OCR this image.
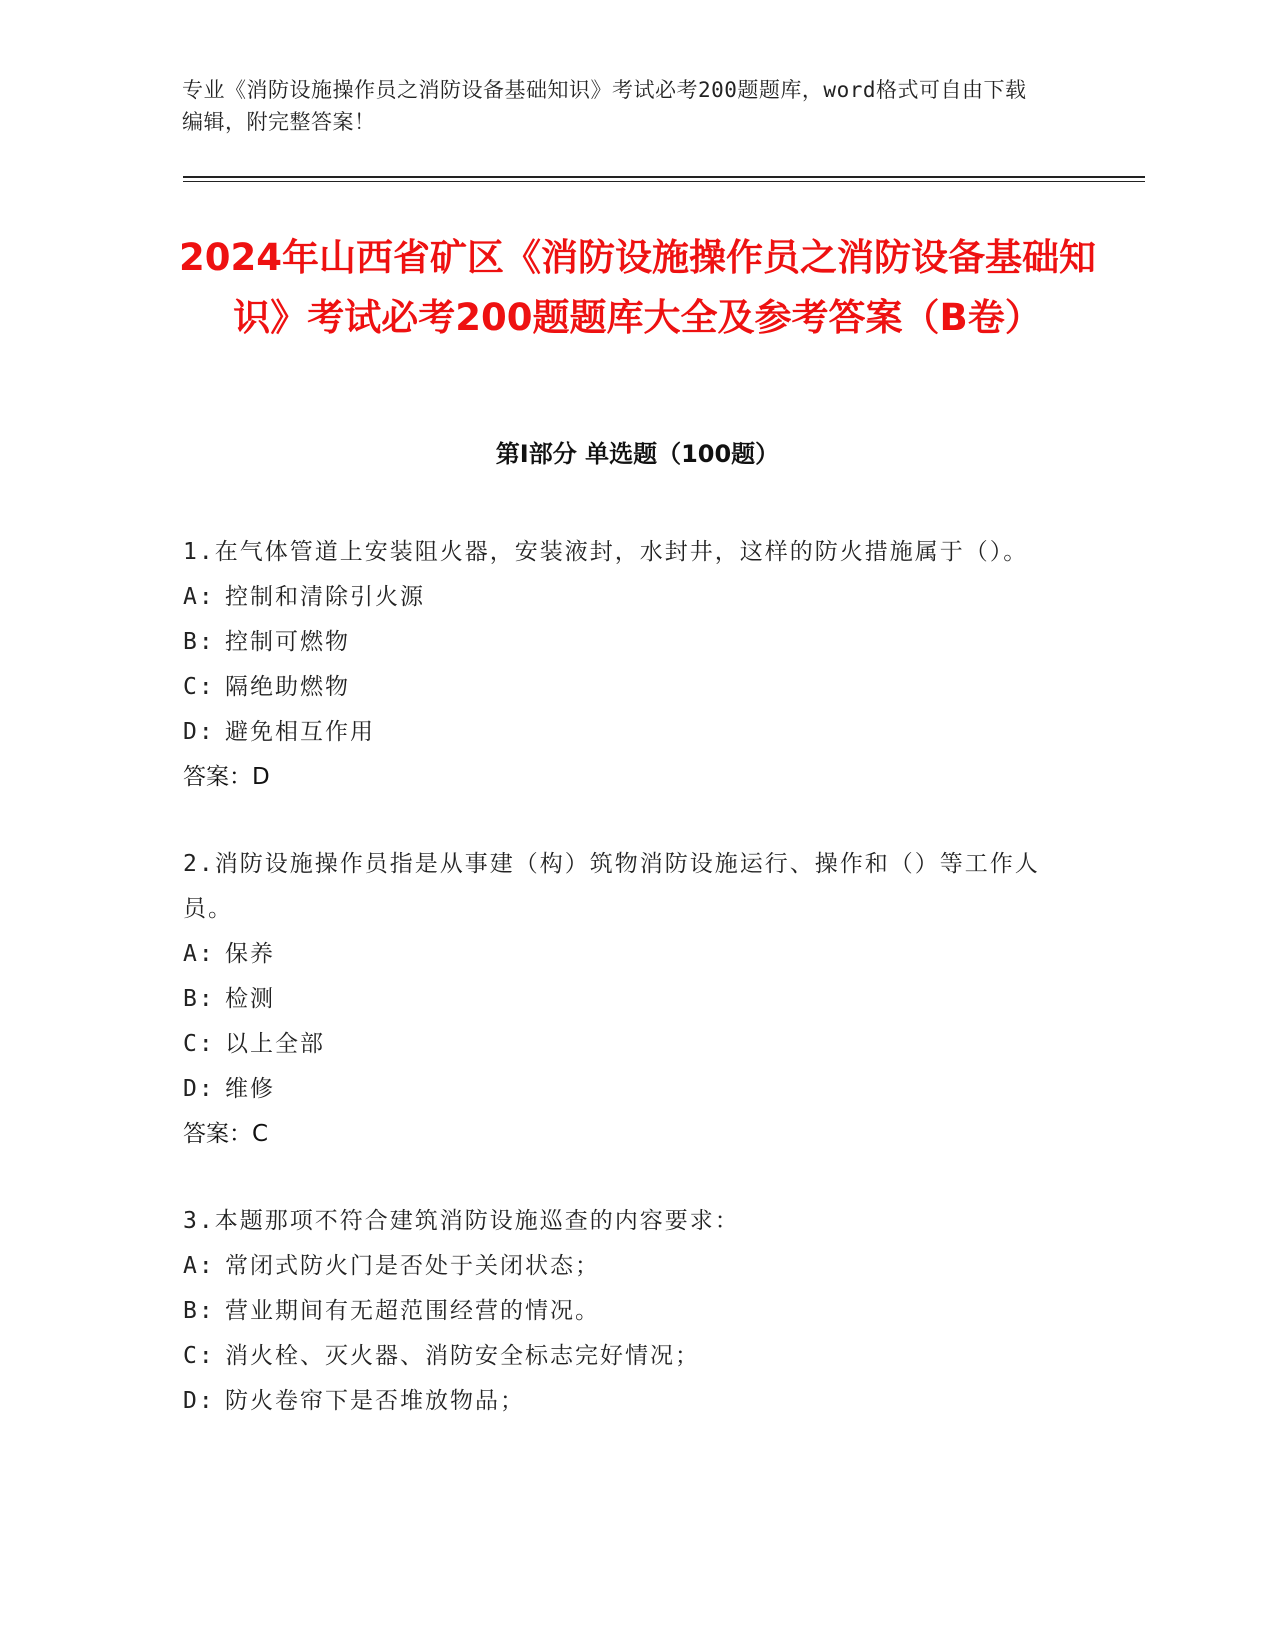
专业《消防设施操作员之消防设备基础知识》考试必考200题题库，word格式可自由下载编辑，附完整答案！
2024年山西省矿区《消防设施操作员之消防设备基础知识》考试必考200题题库大全及参考答案（B卷）
第I部分 单选题（100题）
1.在气体管道上安装阻火器，安装液封，水封井，这样的防火措施属于（）。
A: 控制和清除引火源
B: 控制可燃物
C: 隔绝助燃物
D: 避免相互作用
答案：D
2.消防设施操作员指是从事建（构）筑物消防设施运行、操作和（）等工作人员。
A: 保养
B: 检测
C: 以上全部
D: 维修
答案：C
3.本题那项不符合建筑消防设施巡查的内容要求：
A: 常闭式防火门是否处于关闭状态；
B: 营业期间有无超范围经营的情况。
C: 消火栓、灭火器、消防安全标志完好情况；
D: 防火卷帘下是否堆放物品；
